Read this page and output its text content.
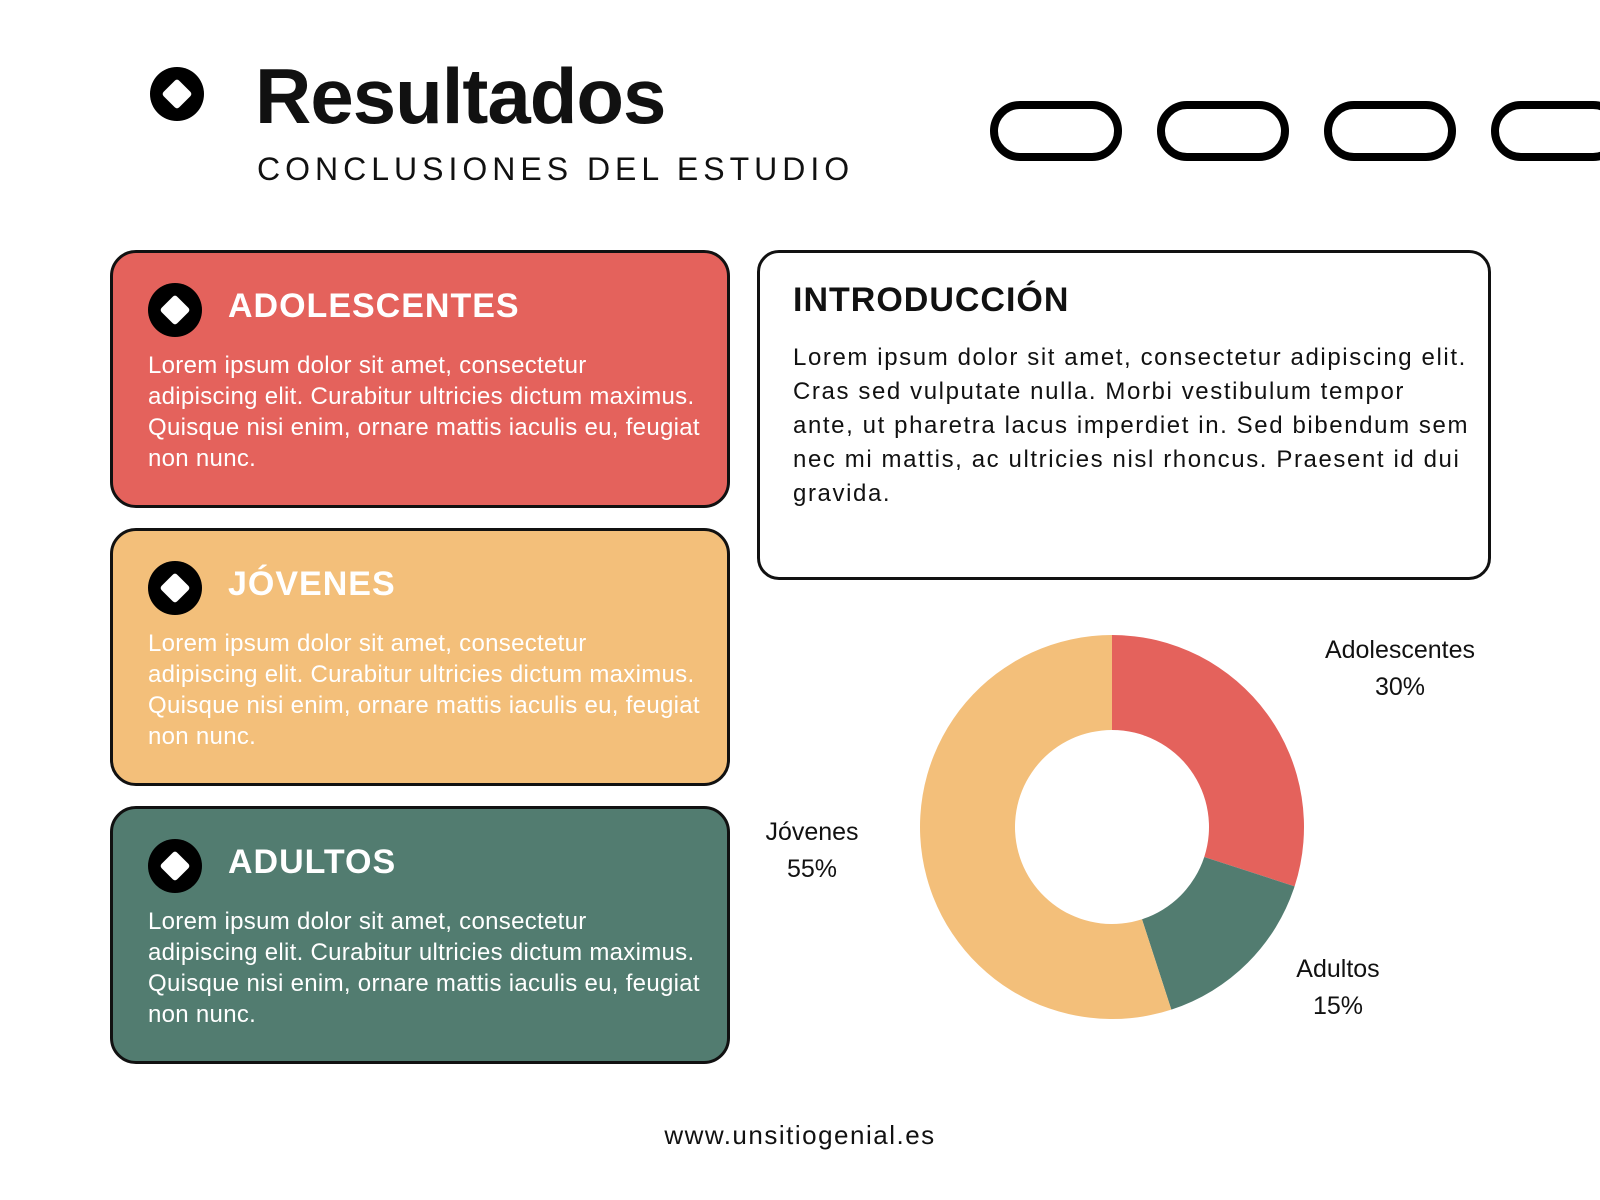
Resultados
CONCLUSIONES DEL ESTUDIO
ADOLESCENTES
Lorem ipsum dolor sit amet, consectetur adipiscing elit. Curabitur ultricies dictum maximus. Quisque nisi enim, ornare mattis iaculis eu, feugiat non nunc.
JÓVENES
Lorem ipsum dolor sit amet, consectetur adipiscing elit. Curabitur ultricies dictum maximus. Quisque nisi enim, ornare mattis iaculis eu, feugiat non nunc.
ADULTOS
Lorem ipsum dolor sit amet, consectetur adipiscing elit. Curabitur ultricies dictum maximus. Quisque nisi enim, ornare mattis iaculis eu, feugiat non nunc.
INTRODUCCIÓN
Lorem ipsum dolor sit amet, consectetur adipiscing elit. Cras sed vulputate nulla. Morbi vestibulum tempor ante, ut pharetra lacus imperdiet in. Sed bibendum sem nec mi mattis, ac ultricies nisl rhoncus. Praesent id dui gravida.
Adolescentes
30%
Adultos
15%
Jóvenes
55%
www.unsitiogenial.es
